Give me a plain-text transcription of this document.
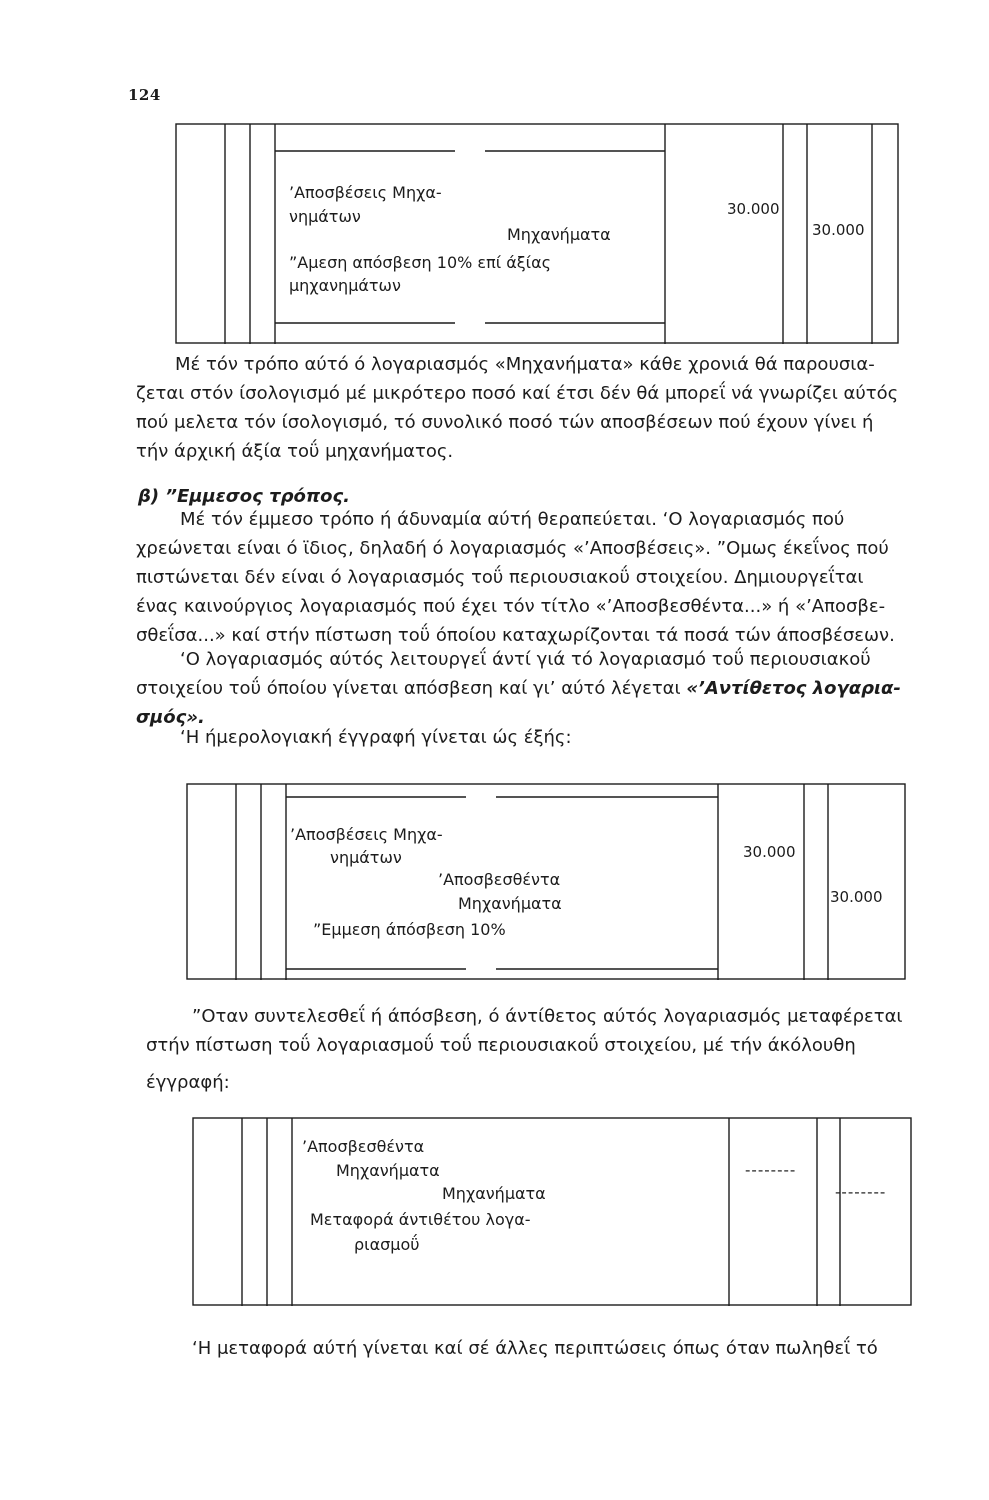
124
’Αποσβέσεις Μηχα-
νημάτων
Μηχανήματα
”Αμεση απόσβεση 10% επί άξίας
μηχανημάτων
30.000
30.000
Μέ τόν τρόπο αύτό ό λογαριασμός «Μηχανήματα» κάθε χρονιά θά παρουσια-
ζεται στόν ίσολογισμό μέ μικρότερο ποσό καί έτσι δέν θά μπορεΐ νά γνωρίζει αύτός
πού μελετα τόν ίσολογισμό, τό συνολικό ποσό τών αποσβέσεων πού έχουν γίνει ή
τήν άρχική άξία τοΰ μηχανήματος.
β) ”Εμμεσος τρόπος.
Μέ τόν έμμεσο τρόπο ή άδυναμία αύτή θεραπεύεται. ‘Ο λογαριασμός πού
χρεώνεται είναι ό ϊδιος, δηλαδή ό λογαριασμός «’Αποσβέσεις». ”Ομως έκεΐνος πού
πιστώνεται δέν είναι ό λογαριασμός τοΰ περιουσιακοΰ στοιχείου. Δημιουργεΐται
ένας καινούργιος λογαριασμός πού έχει τόν τίτλο «’Αποσβεσθέντα...» ή «’Αποσβε-
σθεΐσα...» καί στήν πίστωση τοΰ όποίου καταχωρίζονται τά ποσά τών άποσβέσεων.
‘Ο λογαριασμός αύτός λειτουργεΐ άντί γιά τό λογαριασμό τοΰ περιουσιακοΰ
στοιχείου τοΰ όποίου γίνεται απόσβεση καί γι’ αύτό λέγεται «’Αντίθετος λογαρια-
σμός».
‘Η ήμερολογιακή έγγραφή γίνεται ώς έξής:
’Αποσβέσεις Μηχα-
νημάτων
’Αποσβεσθέντα
Μηχανήματα
”Εμμεση άπόσβεση 10%
30.000
30.000
”Οταν συντελεσθεΐ ή άπόσβεση, ό άντίθετος αύτός λογαριασμός μεταφέρεται
στήν πίστωση τοΰ λογαριασμοΰ τοΰ περιουσιακοΰ στοιχείου, μέ τήν άκόλουθη
έγγραφή:
’Αποσβεσθέντα
Μηχανήματα
Μηχανήματα
Μεταφορά άντιθέτου λογα-
ριασμοΰ
--------
--------
‘Η μεταφορά αύτή γίνεται καί σέ άλλες περιπτώσεις όπως όταν πωληθεΐ τό
